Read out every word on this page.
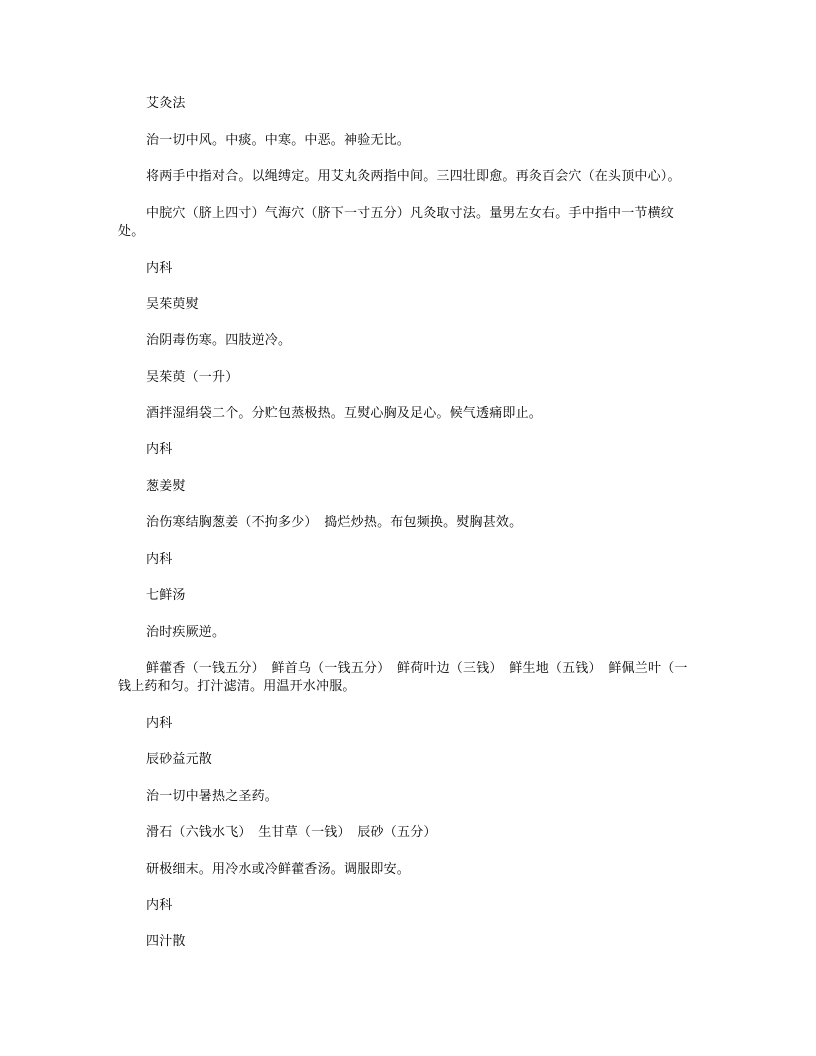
艾灸法

治一切中风。中痰。中寒。中恶。神验无比。

将两手中指对合。以绳缚定。用艾丸灸两指中间。三四壮即愈。再灸百会穴（在头顶中心）。

中脘穴（脐上四寸）气海穴（脐下一寸五分）凡灸取寸法。量男左女右。手中指中一节横纹处。

内科

吴茱萸熨

治阴毒伤寒。四肢逆冷。

吴茱萸（一升）

酒拌湿绢袋二个。分贮包蒸极热。互熨心胸及足心。候气透痛即止。

内科

葱姜熨

治伤寒结胸葱姜（不拘多少）　捣烂炒热。布包频换。熨胸甚效。

内科

七鲜汤

治时疾厥逆。

鲜藿香（一钱五分）　鲜首乌（一钱五分）　鲜荷叶边（三钱）　鲜生地（五钱）　鲜佩兰叶（一钱上药和匀。打汁滤清。用温开水冲服。

内科

辰砂益元散

治一切中暑热之圣药。

滑石（六钱水飞）　生甘草（一钱）　辰砂（五分）

研极细末。用冷水或冷鲜藿香汤。调服即安。

内科

四汁散
